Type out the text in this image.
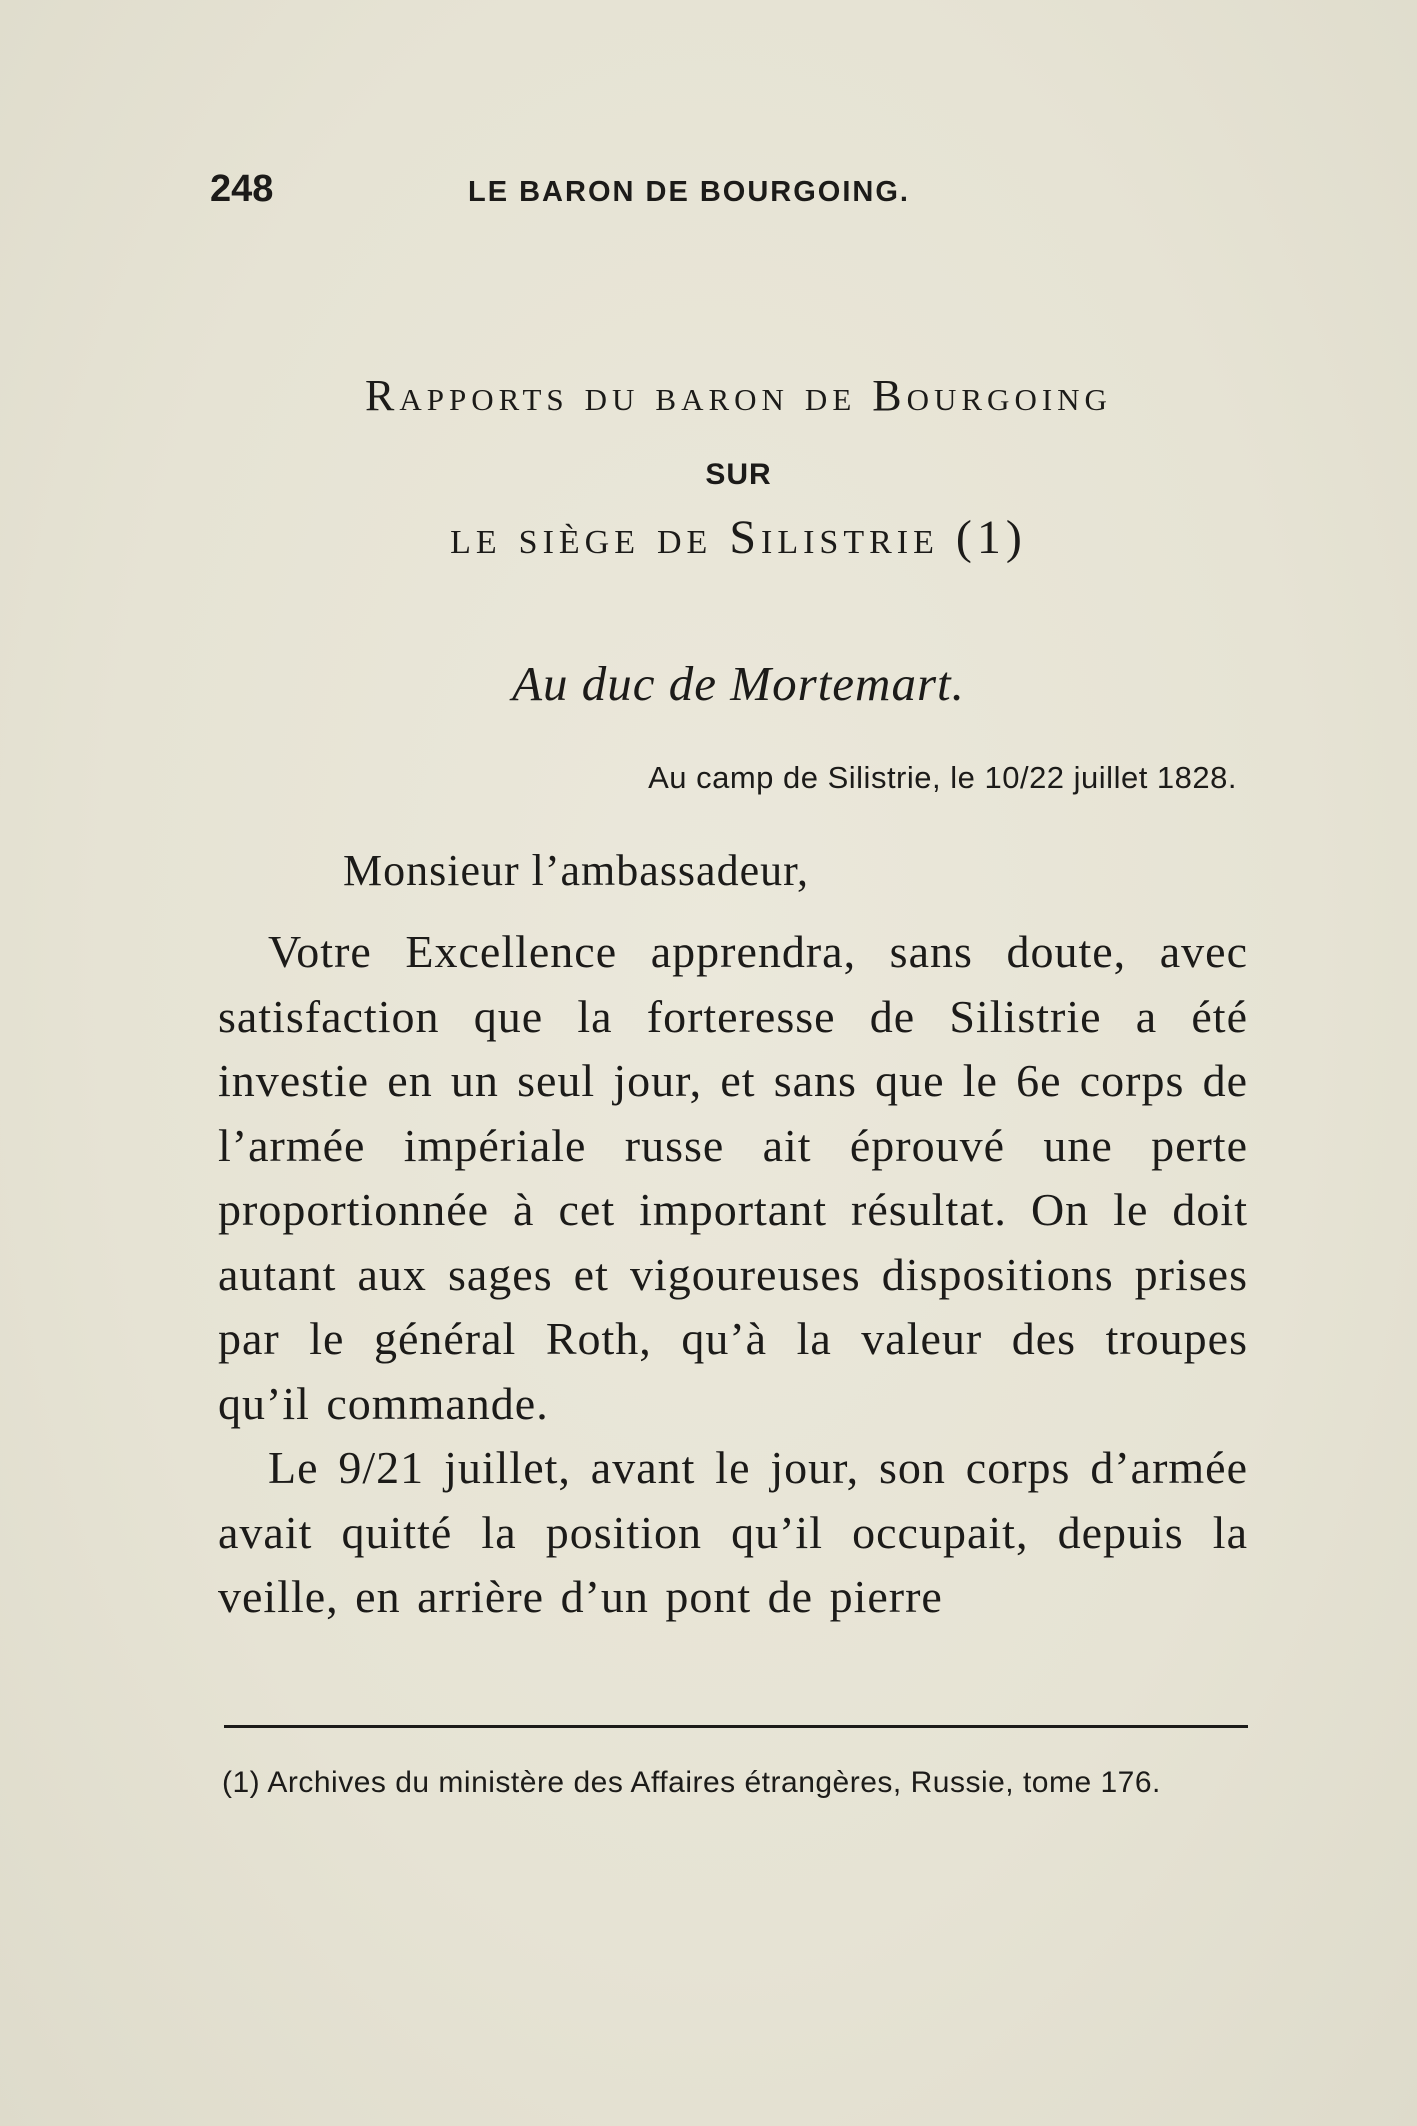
248	LE BARON DE BOURGOING.
Rapports du baron de Bourgoing
SUR
le siège de Silistrie (1)
Au duc de Mortemart.
Au camp de Silistrie, le 10/22 juillet 1828.
Monsieur l’ambassadeur,

Votre Excellence apprendra, sans doute, avec satisfaction que la forteresse de Silistrie a été investie en un seul jour, et sans que le 6e corps de l’armée impériale russe ait éprouvé une perte proportionnée à cet important résultat. On le doit autant aux sages et vigoureuses dispositions prises par le général Roth, qu’à la valeur des troupes qu’il commande.

Le 9/21 juillet, avant le jour, son corps d’armée avait quitté la position qu’il occupait, depuis la veille, en arrière d’un pont de pierre

(1) Archives du ministère des Affaires étrangères, Russie, tome 176.
